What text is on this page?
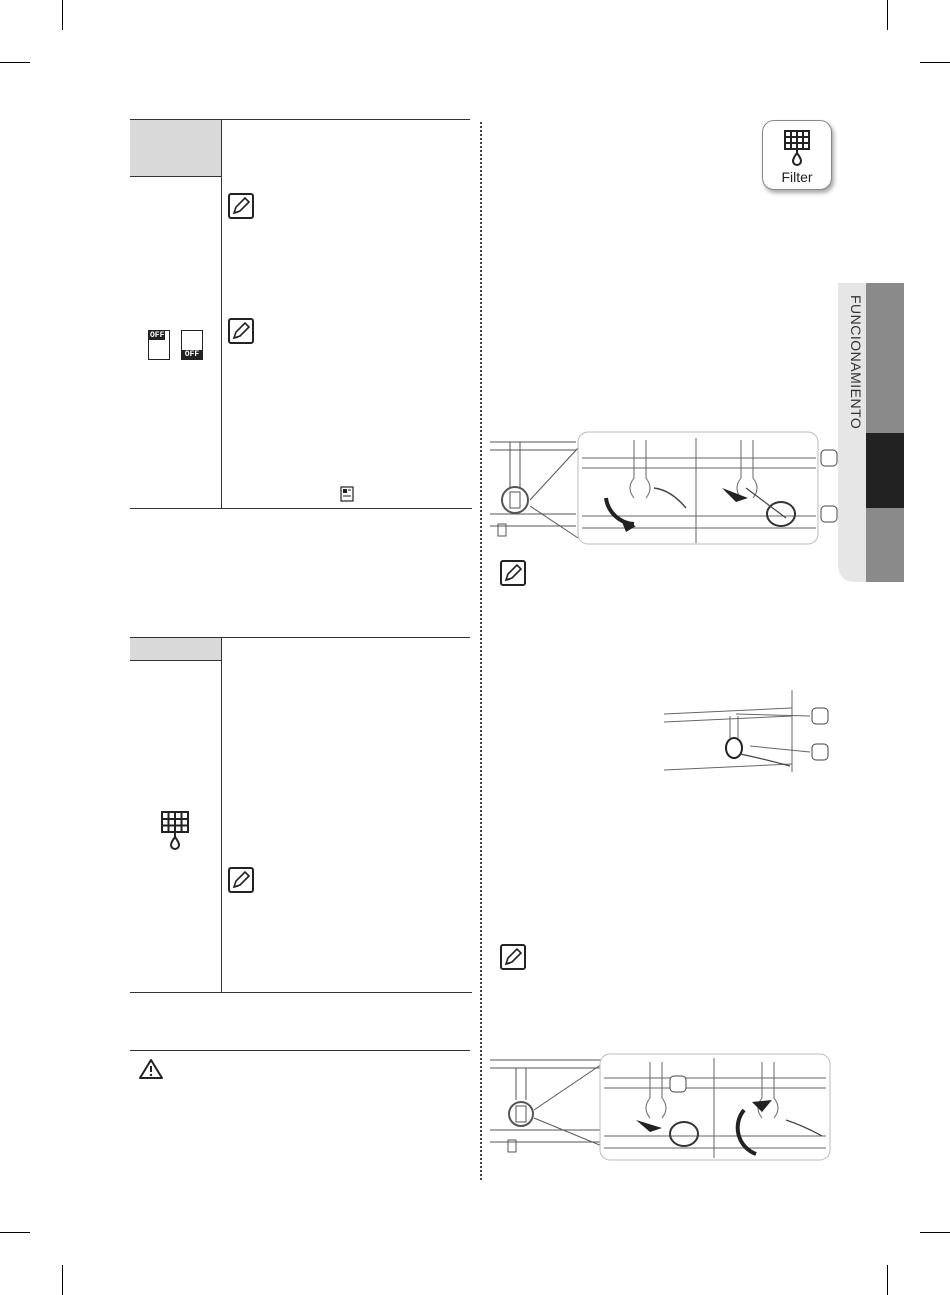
OFF
OFF
Filter
FUNCIONAMIENTO
